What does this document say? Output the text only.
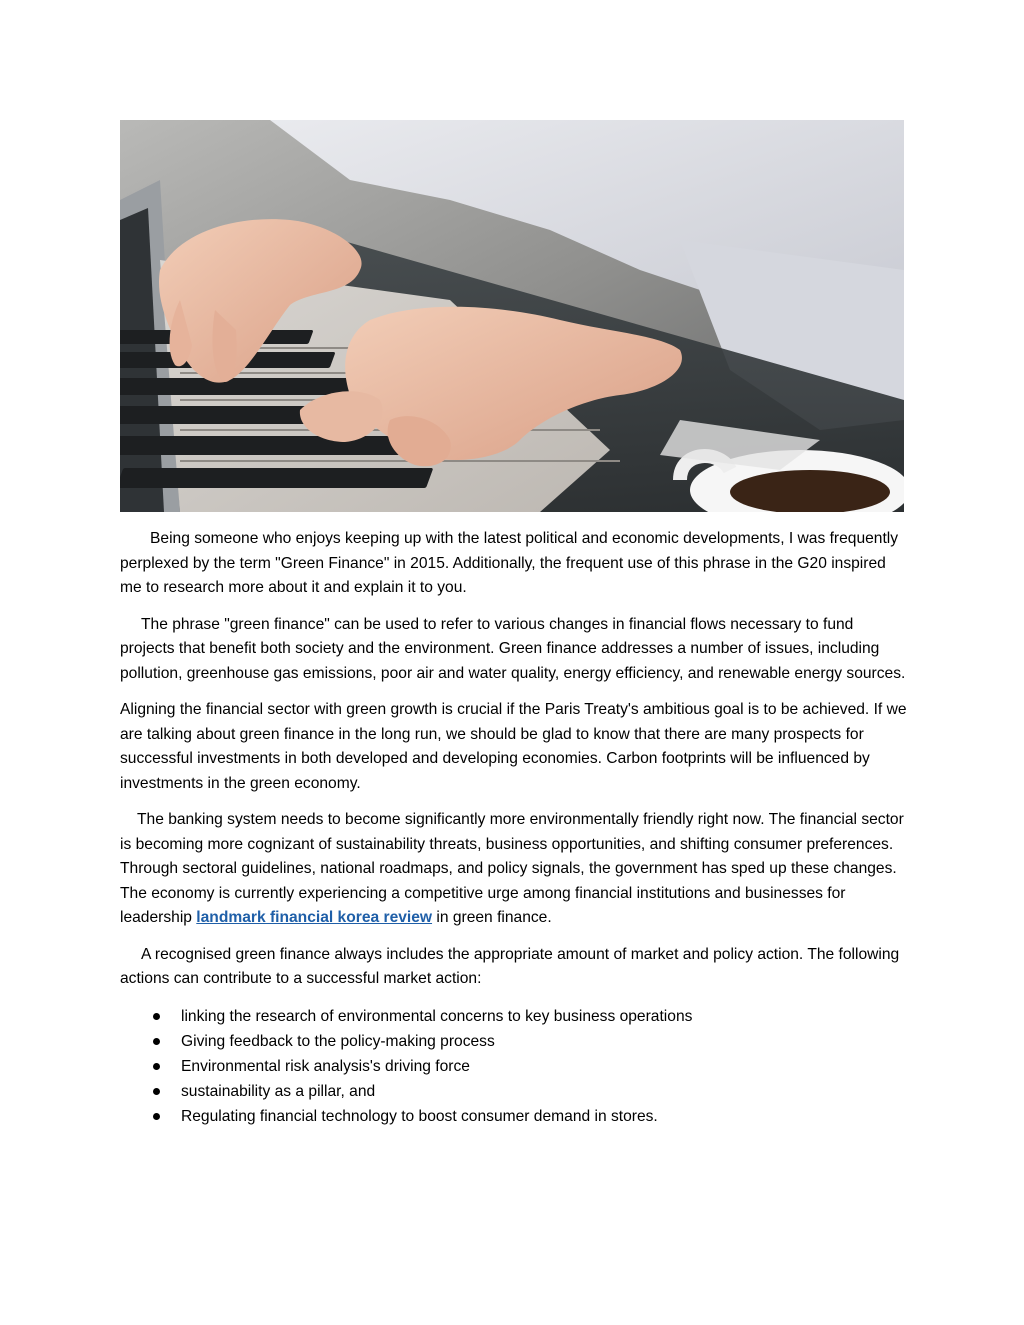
Being someone who enjoys keeping up with the latest political and economic developments, I was frequently perplexed by the term "Green Finance" in 2015. Additionally, the frequent use of this phrase in the G20 inspired me to research more about it and explain it to you.

The phrase "green finance" can be used to refer to various changes in financial flows necessary to fund projects that benefit both society and the environment. Green finance addresses a number of issues, including pollution, greenhouse gas emissions, poor air and water quality, energy efficiency, and renewable energy sources.

Aligning the financial sector with green growth is crucial if the Paris Treaty's ambitious goal is to be achieved. If we are talking about green finance in the long run, we should be glad to know that there are many prospects for successful investments in both developed and developing economies. Carbon footprints will be influenced by investments in the green economy.

The banking system needs to become significantly more environmentally friendly right now. The financial sector is becoming more cognizant of sustainability threats, business opportunities, and shifting consumer preferences. Through sectoral guidelines, national roadmaps, and policy signals, the government has sped up these changes. The economy is currently experiencing a competitive urge among financial institutions and businesses for leadership landmark financial korea review in green finance.

A recognised green finance always includes the appropriate amount of market and policy action. The following actions can contribute to a successful market action:

linking the research of environmental concerns to key business operations
Giving feedback to the policy-making process
Environmental risk analysis's driving force
sustainability as a pillar, and
Regulating financial technology to boost consumer demand in stores.
